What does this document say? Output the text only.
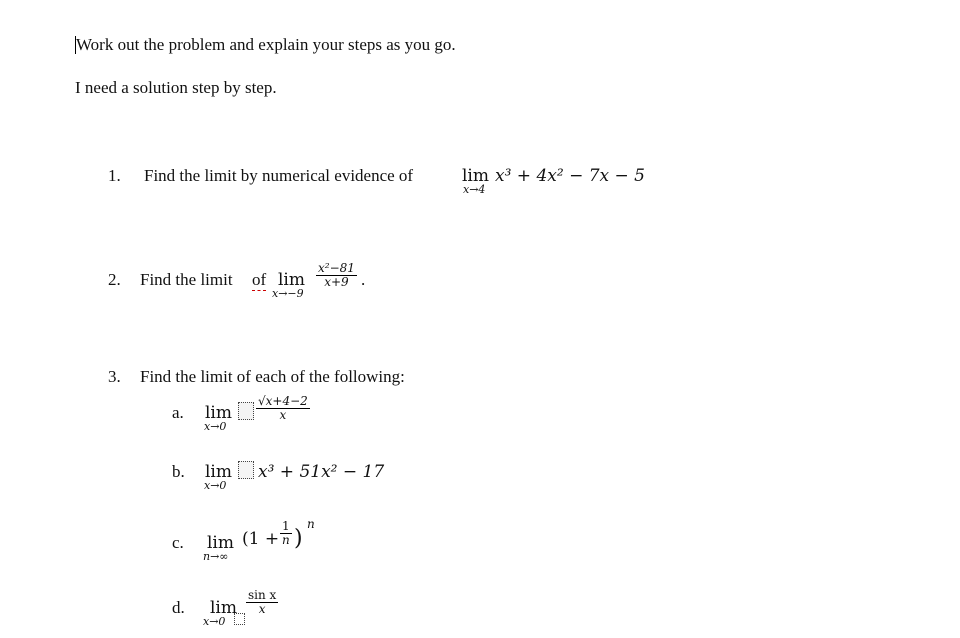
Work out the problem and explain your steps as you go.
I need a solution step by step.
1. Find the limit by numerical evidence of	lim
x→4
x³ + 4x² − 7x − 5
2. Find the limit of lim
x→−9
$\frac{\text{x²−81}}{x+9}$ .
3. Find the limit of each of the following:
a. lim
x→0
$\frac{√x+4-2}{x}$
b. lim
x→0
x³ + 51x² − 17
c. lim
n→∞
($1 + \frac{1}{n}$ )
n
d. lim
x→0
$\frac{\text{sin x}}{x}$
